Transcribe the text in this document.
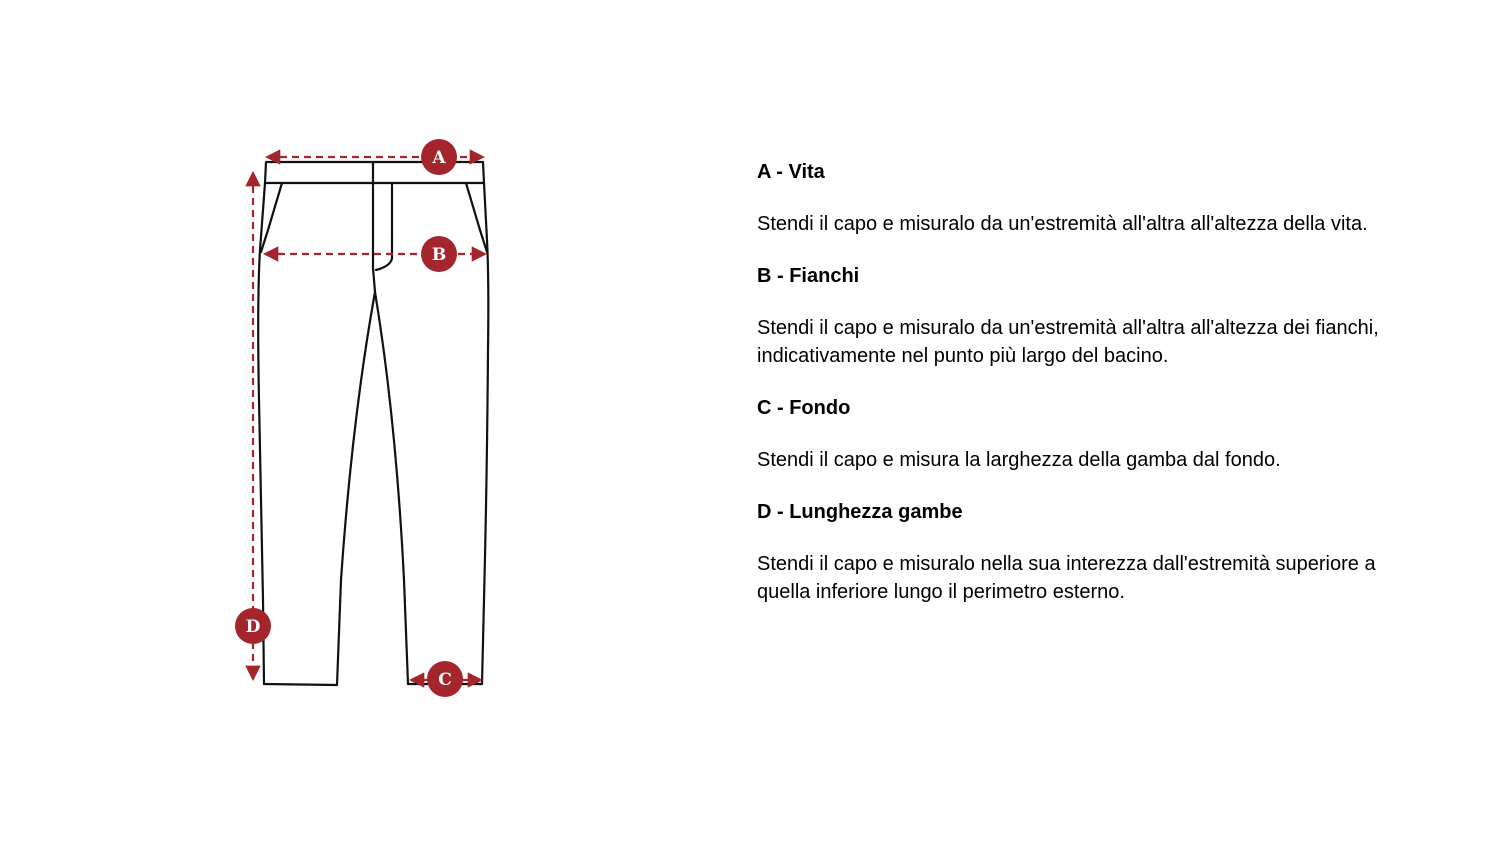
A
B
C
D

A - Vita

Stendi il capo e misuralo da un'estremità all'altra all'altezza della vita.

B - Fianchi

Stendi il capo e misuralo da un'estremità all'altra all'altezza dei fianchi, indicativamente nel punto più largo del bacino.

C - Fondo

Stendi il capo e misura la larghezza della gamba dal fondo.

D - Lunghezza gambe

Stendi il capo e misuralo nella sua interezza dall'estremità superiore a quella inferiore lungo il perimetro esterno.
